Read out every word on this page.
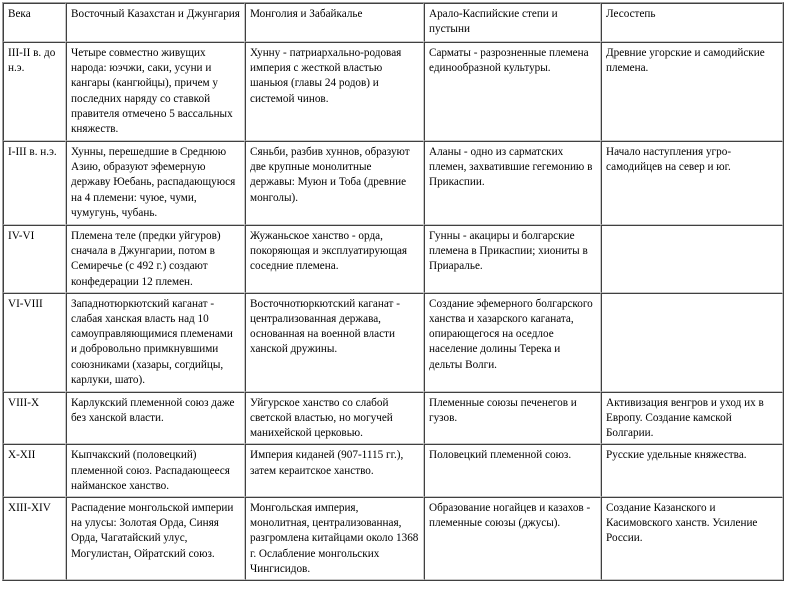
Века	Восточный Казахстан и Джунгария	Монголия и Забайкалье	Арало-Каспийские степи и пустыни	Лесостепь
III-II в. до н.э.	Четыре совместно живущих народа: юэчжи, саки, усуни и кангары (кангюйцы), причем у последних наряду со ставкой правителя отмечено 5 вассальных княжеств.	Хунну - патриархально-родовая империя с жесткой властью шаньюя (главы 24 родов) и системой чинов.	Сарматы - разрозненные племена единообразной культуры.	Древние угорские и самодийские племена.
I-III в. н.э.	Хунны, перешедшие в Среднюю Азию, образуют эфемерную державу Юебань, распадающуюся на 4 племени: чуюе, чуми, чумугунь, чубань.	Сяньби, разбив хуннов, образуют две крупные монолитные державы: Муюн и Тоба (древние монголы).	Аланы - одно из сарматских племен, захватившие гегемонию в Прикаспии.	Начало наступления угро-самодийцев на север и юг.
IV-VI	Племена теле (предки уйгуров) сначала в Джунгарии, потом в Семиречье (с 492 г.) создают конфедерации 12 племен.	Жужаньское ханство - орда, покоряющая и эксплуатирующая соседние племена.	Гунны - акациры и болгарские племена в Прикаспии; хиониты в Приаралье.	
VI-VIII	Западнотюркютский каганат - слабая ханская власть над 10 самоуправляющимися племенами и добровольно примкнувшими союзниками (хазары, согдийцы, карлуки, шато).	Восточнотюркютский каганат - централизованная держава, основанная на военной власти ханской дружины.	Создание эфемерного болгарского ханства и хазарского каганата, опирающегося на оседлое население долины Терека и дельты Волги.	
VIII-X	Карлукский племенной союз даже без ханской власти.	Уйгурское ханство со слабой светской властью, но могучей манихейской церковью.	Племенные союзы печенегов и гузов.	Активизация венгров и уход их в Европу. Создание камской Болгарии.
X-XII	Кыпчакский (половецкий) племенной союз. Распадающееся найманское ханство.	Империя киданей (907-1115 гг.), затем кераитское ханство.	Половецкий племенной союз.	Русские удельные княжества.
XIII-XIV	Распадение монгольской империи на улусы: Золотая Орда, Синяя Орда, Чагатайский улус, Могулистан, Ойратский союз.	Монгольская империя, монолитная, централизованная, разгромлена китайцами около 1368 г. Ослабление монгольских Чингисидов.	Образование ногайцев и казахов - племенные союзы (джусы).	Создание Казанского и Касимовского ханств. Усиление России.
